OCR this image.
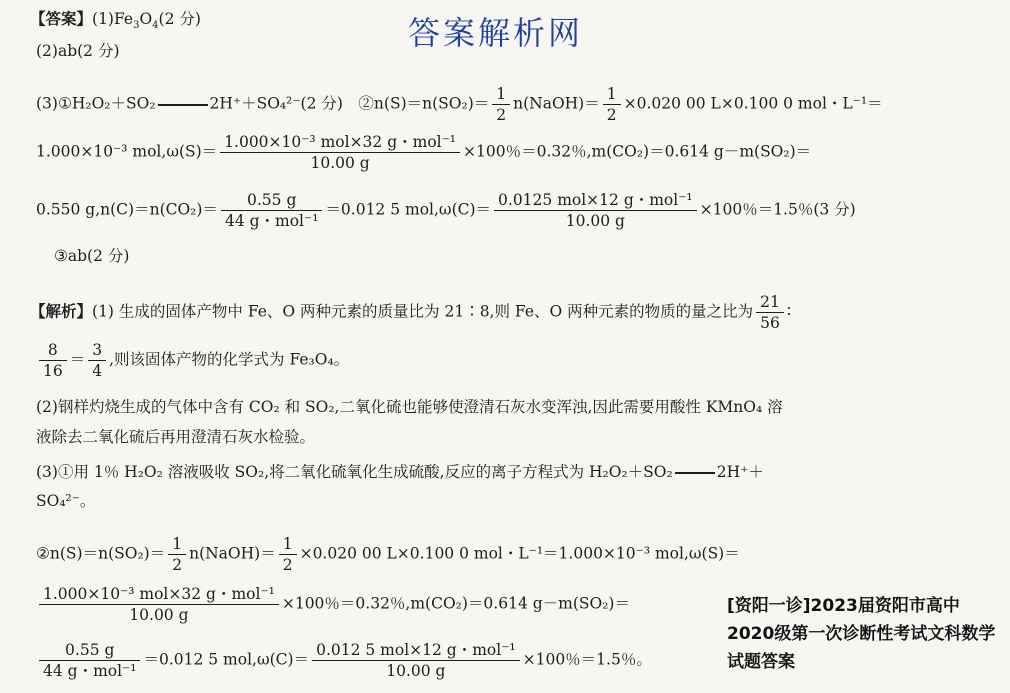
答案解析网
【答案】$(1)Fe_3O_4(2$ 分)
(2)ab(2 分)
(3)①H₂O₂＋SO₂	2H⁺＋SO₄²⁻(2 分)　②n(S)＝n(SO₂)＝ $\frac{1}{2}$ n(NaOH)＝ $\frac{1}{2} \times 0.020$ 00 L×0.100 0 mol・L⁻¹＝
1.000×10⁻³ $mol,\omega(S)= \frac{\text{1.000×10⁻³ mol×32 g・mol⁻¹}}{10.00 g} \times 100$％＝0.32％,m(CO₂)＝0.614 g－m(SO₂)＝
0.550 $g,n(C)=n(CO_2)= \frac{0.55 g}{\text{44 g・mol⁻¹}} =0.012$ 5 $mol,\omega(C)= \frac{\text{0.0125 mol×12 g・mol⁻¹}}{10.00 g} \times 100$％＝1.5％(3 分)
③ab(2 分)
【解析】(1) 生成的固体产物中 Fe、O 两种元素的质量比为 21∶8,则 Fe、O 两种元素的物质的量之比为 $\frac{21}{56}$ ∶
$\frac{8}{16} = \frac{3}{4}$ ,则该固体产物的化学式为 Fe₃O₄。
(2)钢样灼烧生成的气体中含有 CO₂ 和 SO₂,二氧化硫也能够使澄清石灰水变浑浊,因此需要用酸性 KMnO₄ 溶
液除去二氧化硫后再用澄清石灰水检验。
(3)①用 1％ H₂O₂ 溶液吸收 SO₂,将二氧化硫氧化生成硫酸,反应的离子方程式为 H₂O₂＋SO₂	2H⁺＋
SO₄²⁻。
②n(S)＝n(SO₂)＝ $\frac{1}{2}$ n(NaOH)＝ $\frac{1}{2} \times 0.020$ 00 L×0.100 0 mol・L⁻¹＝1.000×10⁻³ mol,ω(S)＝
$\frac{\text{1.000×10⁻³ mol×32 g・mol⁻¹}}{10.00 g} \times 100$％＝0.32％,m(CO₂)＝0.614 g－m(SO₂)＝
$\frac{0.55 g}{\text{44 g・mol⁻¹}} =0.012$ 5 $mol,\omega(C)= \frac{\text{0.012 5 mol×12 g・mol⁻¹}}{10.00 g} \times 100$％＝1.5％。
[资阳一诊]2023届资阳市高中2020级第一次诊断性考试文科数学试题答案
